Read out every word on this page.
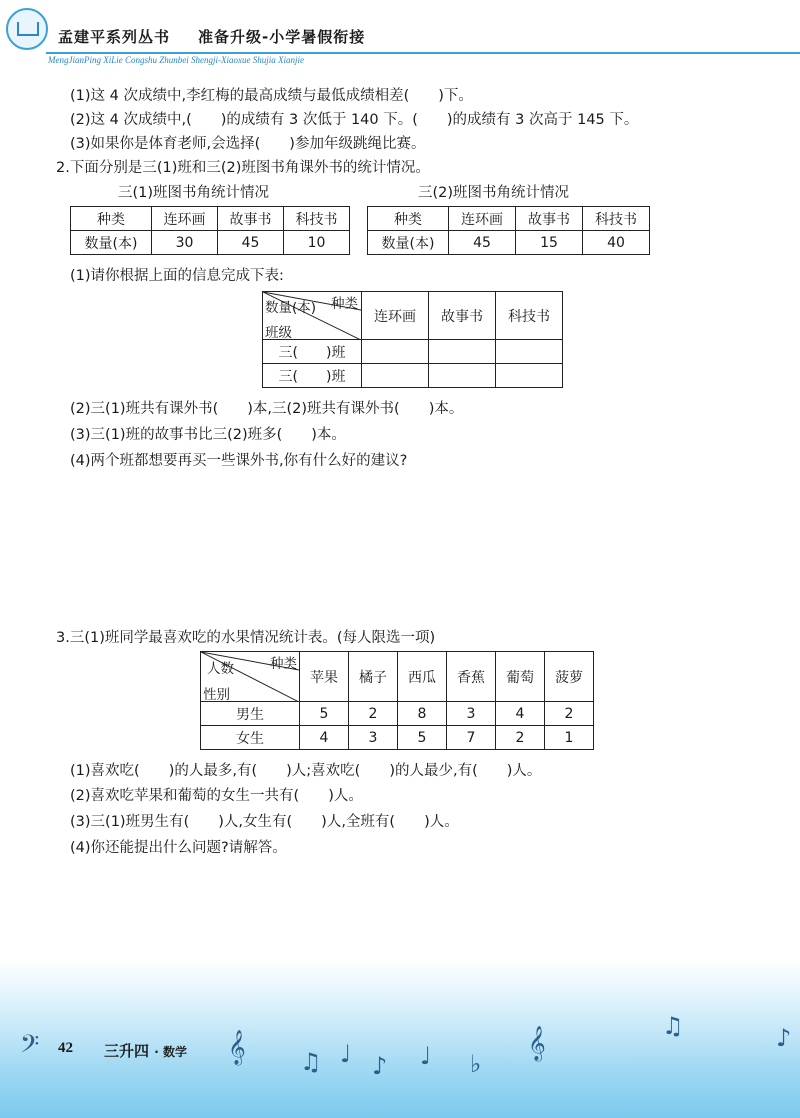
孟建平系列丛书 准备升级-小学暑假衔接
MengJianPing XiLie Congshu Zhunbei Shengji-Xiaoxue Shujia Xianjie
(1)这 4 次成绩中,李红梅的最高成绩与最低成绩相差(　　)下。
(2)这 4 次成绩中,(　　)的成绩有 3 次低于 140 下。(　　)的成绩有 3 次高于 145 下。
(3)如果你是体育老师,会选择(　　)参加年级跳绳比赛。
2.下面分别是三(1)班和三(2)班图书角课外书的统计情况。
三(1)班图书角统计情况	三(2)班图书角统计情况
种类	连环画	故事书	科技书
数量(本)	30	45	10
种类	连环画	故事书	科技书
数量(本)	45	15	40
(1)请你根据上面的信息完成下表:
种类
数量(本)
班级	连环画	故事书	科技书
三(　　)班			
三(　　)班			
(2)三(1)班共有课外书(　　)本,三(2)班共有课外书(　　)本。
(3)三(1)班的故事书比三(2)班多(　　)本。
(4)两个班都想要再买一些课外书,你有什么好的建议?
3.三(1)班同学最喜欢吃的水果情况统计表。(每人限选一项)
种类
人数
性别	苹果	橘子	西瓜	香蕉	葡萄	菠萝
男生	5	2	8	3	4	2
女生	4	3	5	7	2	1
(1)喜欢吃(　　)的人最多,有(　　)人;喜欢吃(　　)的人最少,有(　　)人。
(2)喜欢吃苹果和葡萄的女生一共有(　　)人。
(3)三(1)班男生有(　　)人,女生有(　　)人,全班有(　　)人。
(4)你还能提出什么问题?请解答。
𝄢 42 三升四 · 数学 𝄞 ♫ ♩ ♪ ♩ ♭
𝄞	♫	♪
